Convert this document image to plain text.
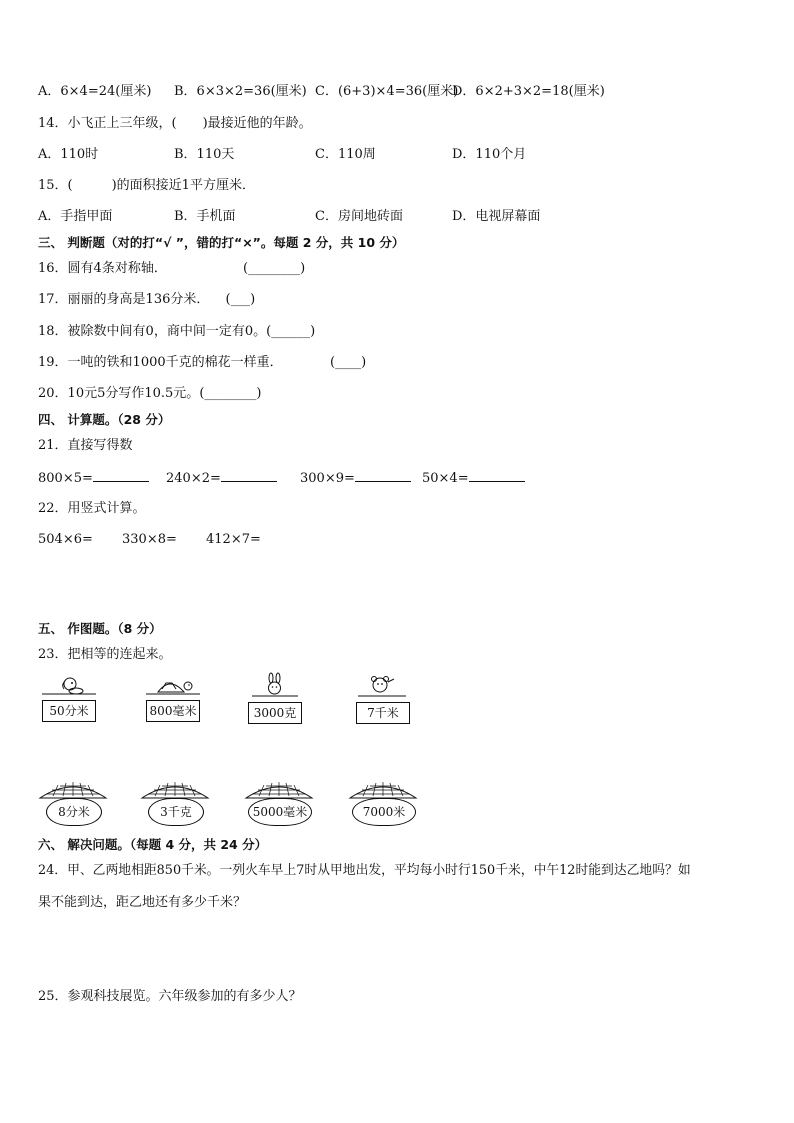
A．6×4=24(厘米) B．6×3×2=36(厘米) C．(6+3)×4=36(厘米)
D．6×2+3×2=18(厘米)
14．小飞正上三年级，(　　)最接近他的年龄。
A．110时	B．110天	C．110周	D．110个月
15．(　　　)的面积接近1平方厘米．
A．手指甲面	B．手机面	C．房间地砖面	D．电视屏幕面
三、 判断题（对的打“√ ”，错的打“×”。每题 2 分，共 10 分）
16．圆有4条对称轴．	(________)
17．丽丽的身高是136分米． (___)
18．被除数中间有0，商中间一定有0。(______)
19．一吨的铁和1000千克的棉花一样重．	(____)
20．10元5分写作10.5元。(________)
四、 计算题。（28 分）
21．直接写得数
800×5=	240×2=	300×9=	50×4=
22．用竖式计算。
504×6= 330×8= 412×7=
五、 作图题。（8 分）
23．把相等的连起来。
50分米	800毫米	3000克	7千米
8分米	3千克	5000毫米	7000米
六、 解决问题。（每题 4 分，共 24 分）
24．甲、乙两地相距850千米。一列火车早上7时从甲地出发，平均每小时行150千米，中午12时能到达乙地吗？如
果不能到达，距乙地还有多少千米？
25．参观科技展览。六年级参加的有多少人？
